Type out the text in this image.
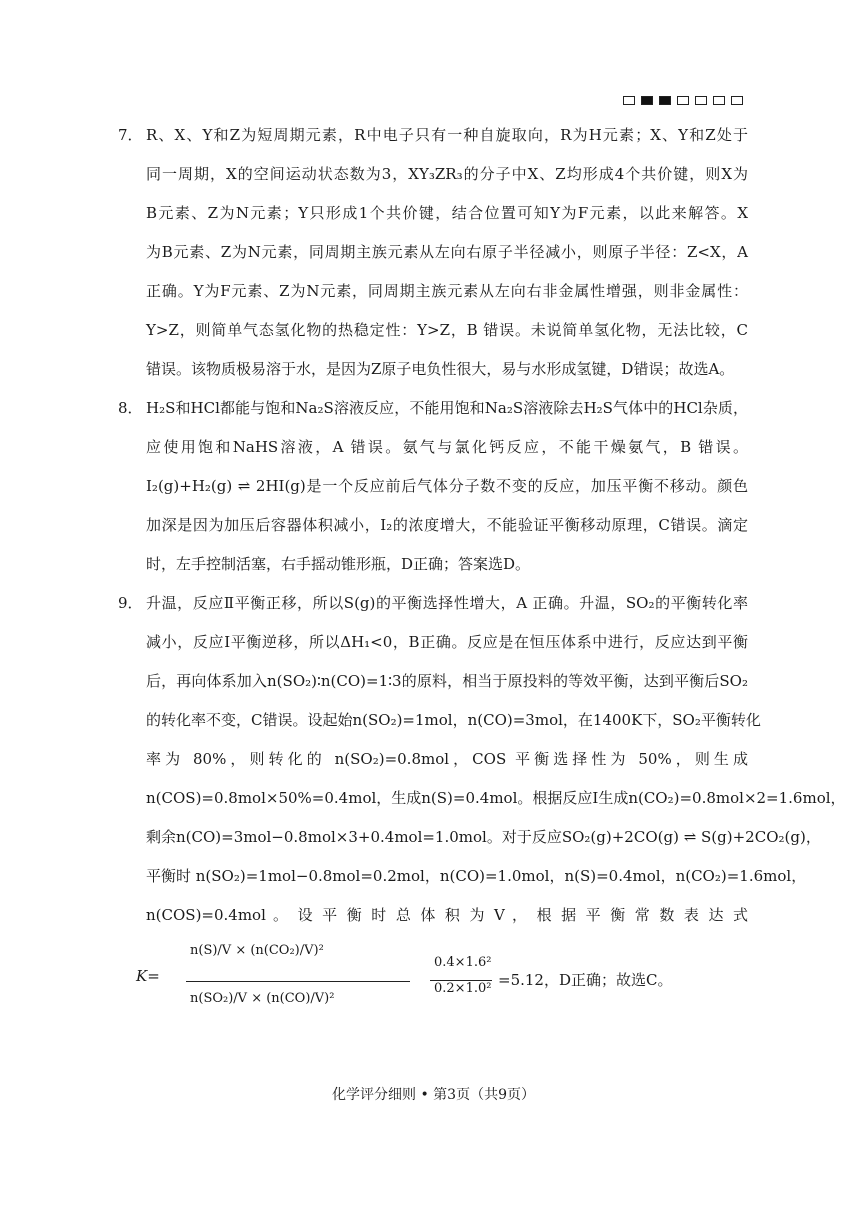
7． R、X、Y和Z为短周期元素，R中电子只有一种自旋取向，R为H元素；X、Y和Z处于
同一周期，X的空间运动状态数为3，XY₃ZR₃的分子中X、Z均形成4个共价键，则X为
B元素、Z为N元素；Y只形成1个共价键，结合位置可知Y为F元素，以此来解答。X
为B元素、Z为N元素，同周期主族元素从左向右原子半径减小，则原子半径：Z<X，A
正确。Y为F元素、Z为N元素，同周期主族元素从左向右非金属性增强，则非金属性：
Y>Z，则简单气态氢化物的热稳定性：Y>Z，B 错误。未说简单氢化物，无法比较，C
错误。该物质极易溶于水，是因为Z原子电负性很大，易与水形成氢键，D错误；故选A。
8． H₂S和HCl都能与饱和Na₂S溶液反应，不能用饱和Na₂S溶液除去H₂S气体中的HCl杂质，
应使用饱和NaHS溶液，A 错误。氨气与氯化钙反应，不能干燥氨气，B 错误。
I₂(g)+H₂(g) ⇌ 2HI(g)是一个反应前后气体分子数不变的反应，加压平衡不移动。颜色
加深是因为加压后容器体积减小，I₂的浓度增大，不能验证平衡移动原理，C错误。滴定
时，左手控制活塞，右手摇动锥形瓶，D正确；答案选D。
9． 升温，反应Ⅱ平衡正移，所以S(g)的平衡选择性增大，A 正确。升温，SO₂的平衡转化率
减小，反应Ⅰ平衡逆移，所以ΔH₁<0，B正确。反应是在恒压体系中进行，反应达到平衡
后，再向体系加入n(SO₂)∶n(CO)=1∶3的原料，相当于原投料的等效平衡，达到平衡后SO₂
的转化率不变，C错误。设起始n(SO₂)=1mol，n(CO)=3mol，在1400K下，SO₂平衡转化
率为 80%，则转化的 n(SO₂)=0.8mol，COS 平衡选择性为 50%，则生成
n(COS)=0.8mol×50%=0.4mol，生成n(S)=0.4mol。根据反应Ⅰ生成n(CO₂)=0.8mol×2=1.6mol，
剩余n(CO)=3mol−0.8mol×3+0.4mol=1.0mol。对于反应SO₂(g)+2CO(g) ⇌ S(g)+2CO₂(g)，
平衡时 n(SO₂)=1mol−0.8mol=0.2mol，n(CO)=1.0mol，n(S)=0.4mol，n(CO₂)=1.6mol，
n(COS)=0.4mol 。 设 平 衡 时 总 体 积 为 V ， 根 据 平 衡 常 数 表 达 式
K=
n(S)/V × (n(CO₂)/V)²
n(SO₂)/V × (n(CO)/V)²
0.4×1.6²
0.2×1.0² =5.12，D正确；故选C。
化学评分细则 • 第3页（共9页）
